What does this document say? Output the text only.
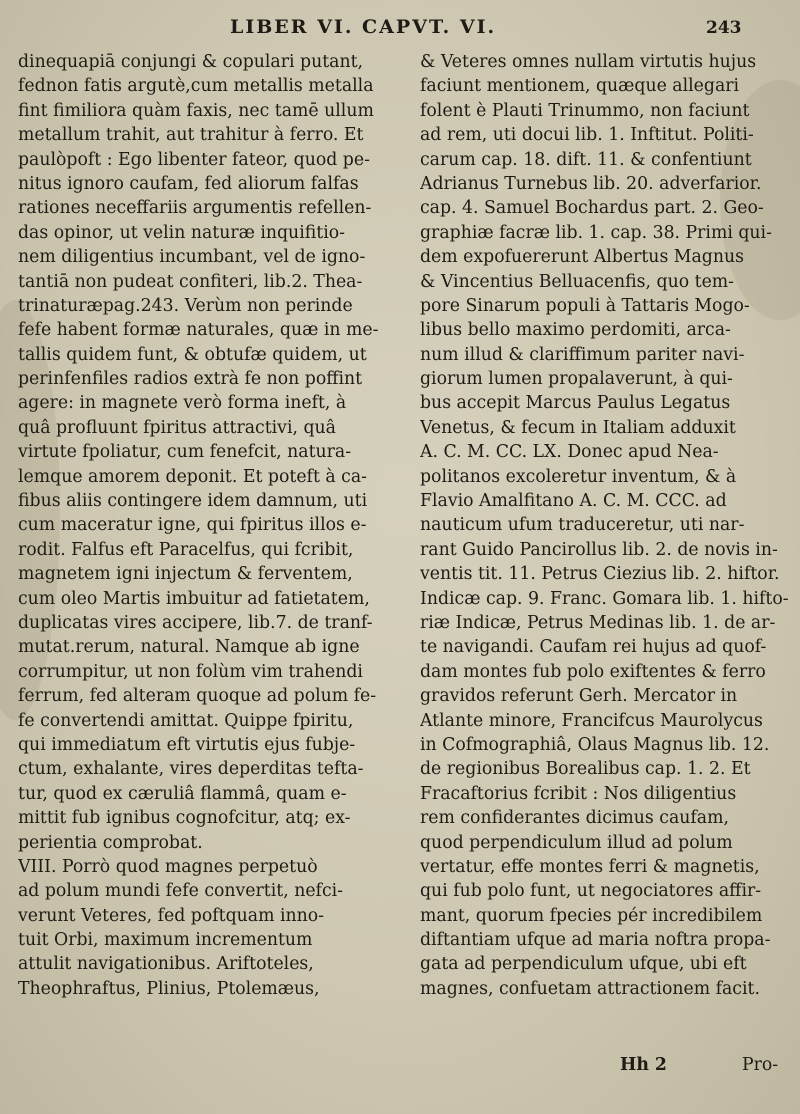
LIBER VI. CAPVT. VI.	243
dinequapiā conjungi & copulari putant,
fednon fatis argutè,cum metallis metalla
fint fimiliora quàm faxis, nec tamē ullum
metallum trahit, aut trahitur à ferro. Et
paulòpoft : Ego libenter fateor, quod pe-
nitus ignoro caufam, fed aliorum falfas
rationes neceffariis argumentis refellen-
das opinor, ut velin naturæ inquifitio-
nem diligentius incumbant, vel de igno-
tantiā non pudeat confiteri, lib.2. Thea-
trinaturæpag.243. Verùm non perinde
fefe habent formæ naturales, quæ in me-
tallis quidem funt, & obtufæ quidem, ut
perinfenfiles radios extrà fe non poffint
agere: in magnete verò forma ineft, à
quâ profluunt fpiritus attractivi, quâ
virtute fpoliatur, cum fenefcit, natura-
lemque amorem deponit. Et poteft à ca-
fibus aliis contingere idem damnum, uti
cum maceratur igne, qui fpiritus illos e-
rodit. Falfus eft Paracelfus, qui fcribit,
magnetem igni injectum & ferventem,
cum oleo Martis imbuitur ad fatietatem,
duplicatas vires accipere, lib.7. de tranf-
mutat.rerum, natural. Namque ab igne
corrumpitur, ut non folùm vim trahendi
ferrum, fed alteram quoque ad polum fe-
fe convertendi amittat. Quippe fpiritu,
qui immediatum eft virtutis ejus fubje-
ctum, exhalante, vires deperditas tefta-
tur, quod ex cæruliâ flammâ, quam e-
mittit fub ignibus cognofcitur, atq; ex-
perientia comprobat.
VIII. Porrò quod magnes perpetuò
ad polum mundi fefe convertit, nefci-
verunt Veteres, fed poftquam inno-
tuit Orbi, maximum incrementum
attulit navigationibus. Ariftoteles,
Theophraftus, Plinius, Ptolemæus,
& Veteres omnes nullam virtutis hujus
faciunt mentionem, quæque allegari
folent è Plauti Trinummo, non faciunt
ad rem, uti docui lib. 1. Inftitut. Politi-
carum cap. 18. dift. 11. & confentiunt
Adrianus Turnebus lib. 20. adverfarior.
cap. 4. Samuel Bochardus part. 2. Geo-
graphiæ facræ lib. 1. cap. 38. Primi qui-
dem expofuererunt Albertus Magnus
& Vincentius Belluacenfis, quo tem-
pore Sinarum populi à Tattaris Mogo-
libus bello maximo perdomiti, arca-
num illud & clariffimum pariter navi-
giorum lumen propalaverunt, à qui-
bus accepit Marcus Paulus Legatus
Venetus, & fecum in Italiam adduxit
A. C. M. CC. LX. Donec apud Nea-
politanos excoleretur inventum, & à
Flavio Amalfitano A. C. M. CCC. ad
nauticum ufum traduceretur, uti nar-
rant Guido Pancirollus lib. 2. de novis in-
ventis tit. 11. Petrus Ciezius lib. 2. hiftor.
Indicæ cap. 9. Franc. Gomara lib. 1. hifto-
riæ Indicæ, Petrus Medinas lib. 1. de ar-
te navigandi. Caufam rei hujus ad quof-
dam montes fub polo exiftentes & ferro
gravidos referunt Gerh. Mercator in
Atlante minore, Francifcus Maurolycus
in Cofmographiâ, Olaus Magnus lib. 12.
de regionibus Borealibus cap. 1. 2. Et
Fracaftorius fcribit : Nos diligentius
rem confiderantes dicimus caufam,
quod perpendiculum illud ad polum
vertatur, effe montes ferri & magnetis,
qui fub polo funt, ut negociatores affir-
mant, quorum fpecies pér incredibilem
diftantiam ufque ad maria noftra propa-
gata ad perpendiculum ufque, ubi eft
magnes, confuetam attractionem facit.
Hh 2	Pro-
